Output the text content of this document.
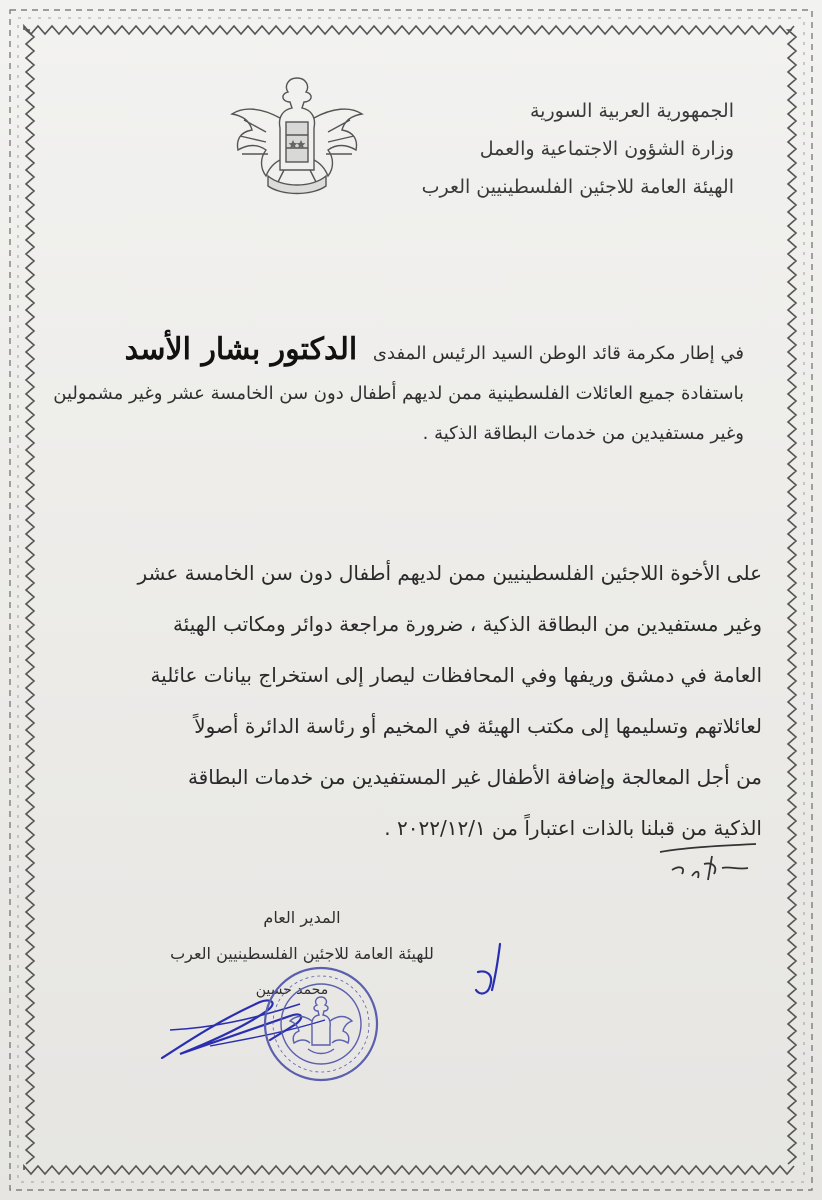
الجمهورية العربية السورية
وزارة الشؤون الاجتماعية والعمل
الهيئة العامة للاجئين الفلسطينيين العرب
في إطار مكرمة قائد الوطن السيد الرئيس المفدى الدكتور بشار الأسد
باستفادة جميع العائلات الفلسطينية ممن لديهم أطفال دون سن الخامسة عشر وغير مشمولين
وغير مستفيدين من خدمات البطاقة الذكية .

على الأخوة اللاجئين الفلسطينيين ممن لديهم أطفال دون سن الخامسة عشر

وغير مستفيدين من البطاقة الذكية ، ضرورة مراجعة دوائر ومكاتب الهيئة

العامة في دمشق وريفها وفي المحافظات ليصار إلى استخراج بيانات عائلية

لعائلاتهم وتسليمها إلى مكتب الهيئة في المخيم أو رئاسة الدائرة أصولاً

من أجل المعالجة وإضافة الأطفال غير المستفيدين من خدمات البطاقة

الذكية من قبلنا بالذات اعتباراً من ٢٠٢٢/١٢/١ .

المدير العام
للهيئة العامة للاجئين الفلسطينيين العرب
محمد حسين
